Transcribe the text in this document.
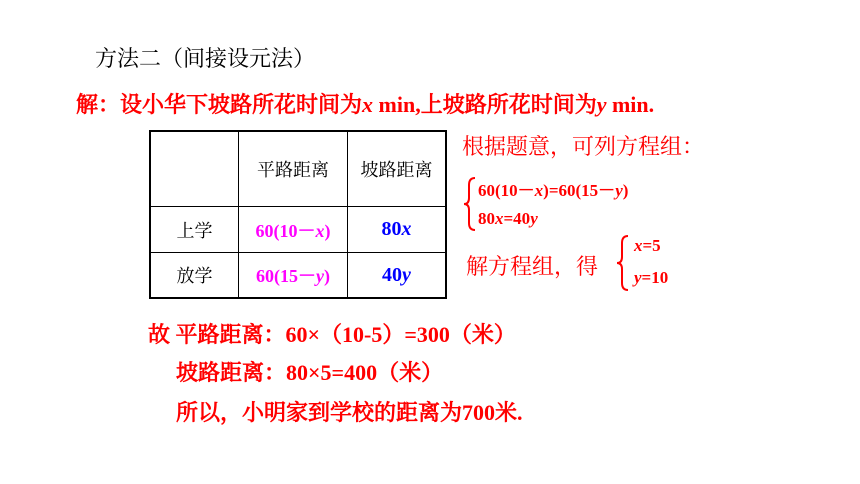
方法二（间接设元法）
解：设小华下坡路所花时间为x min,上坡路所花时间为y min.
	平路距离	坡路距离
上学	60(10－x)	80x
放学	60(15－y)	40y
根据题意，可列方程组：
60(10－x)=60(15－y)
80x=40y
解方程组，得
x=5
y=10
故 平路距离：60×（10-5）=300（米）
坡路距离：80×5=400（米）
所以，小明家到学校的距离为700米.
